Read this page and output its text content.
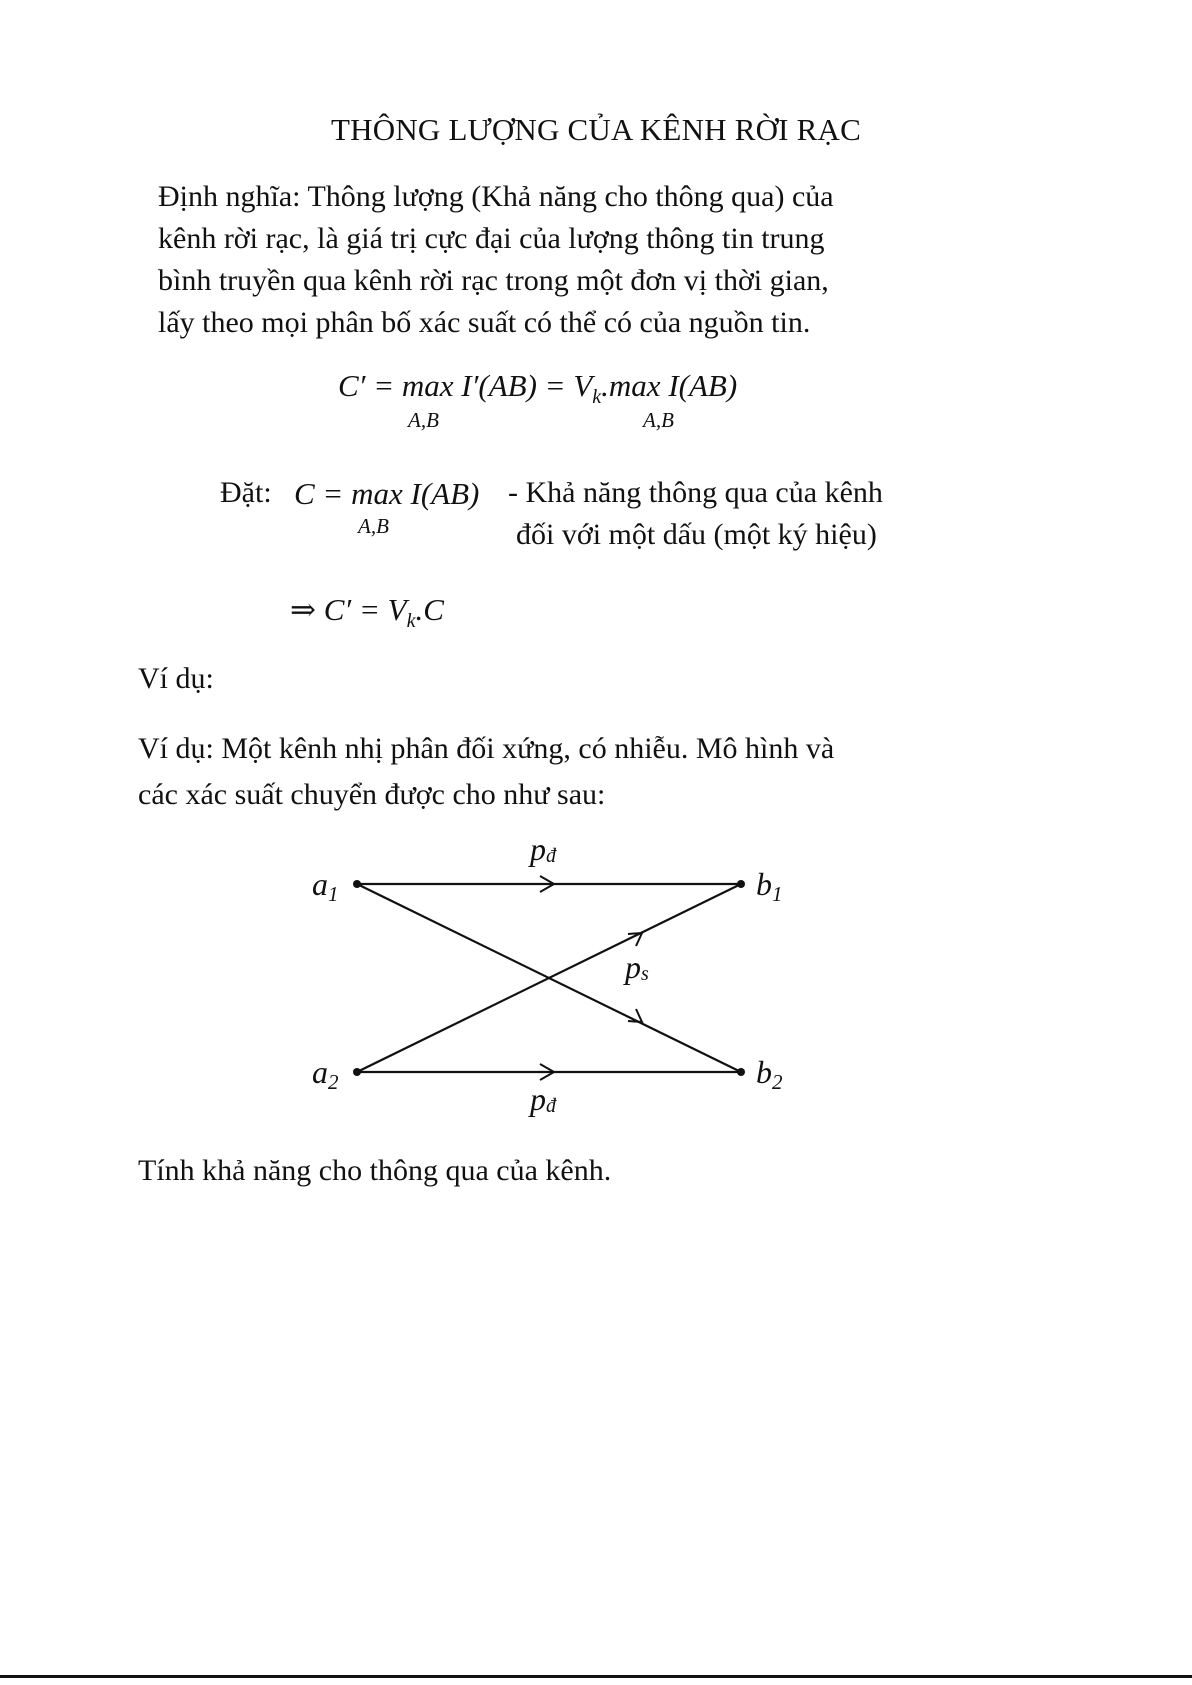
THÔNG LƯỢNG CỦA KÊNH RỜI RẠC
Định nghĩa: Thông lượng (Khả năng cho thông qua) của
kênh rời rạc, là giá trị cực đại của lượng thông tin trung
bình truyền qua kênh rời rạc trong một đơn vị thời gian,
lấy theo mọi phân bố xác suất có thể có của nguồn tin.
$C' = \max I'(AB) = V_k.\max$ I(AB)
A,B	A,B
Đặt: C = max I(AB)
A,B
- Khả năng thông qua của kênh
đối với một dấu (một ký hiệu)
⇒ $C' = V_k.C$
Ví dụ:
Ví dụ: Một kênh nhị phân đối xứng, có nhiễu. Mô hình và
các xác suất chuyển được cho như sau:
a1
a2
b1
b2
pđ
pđ
ps
Tính khả năng cho thông qua của kênh.
